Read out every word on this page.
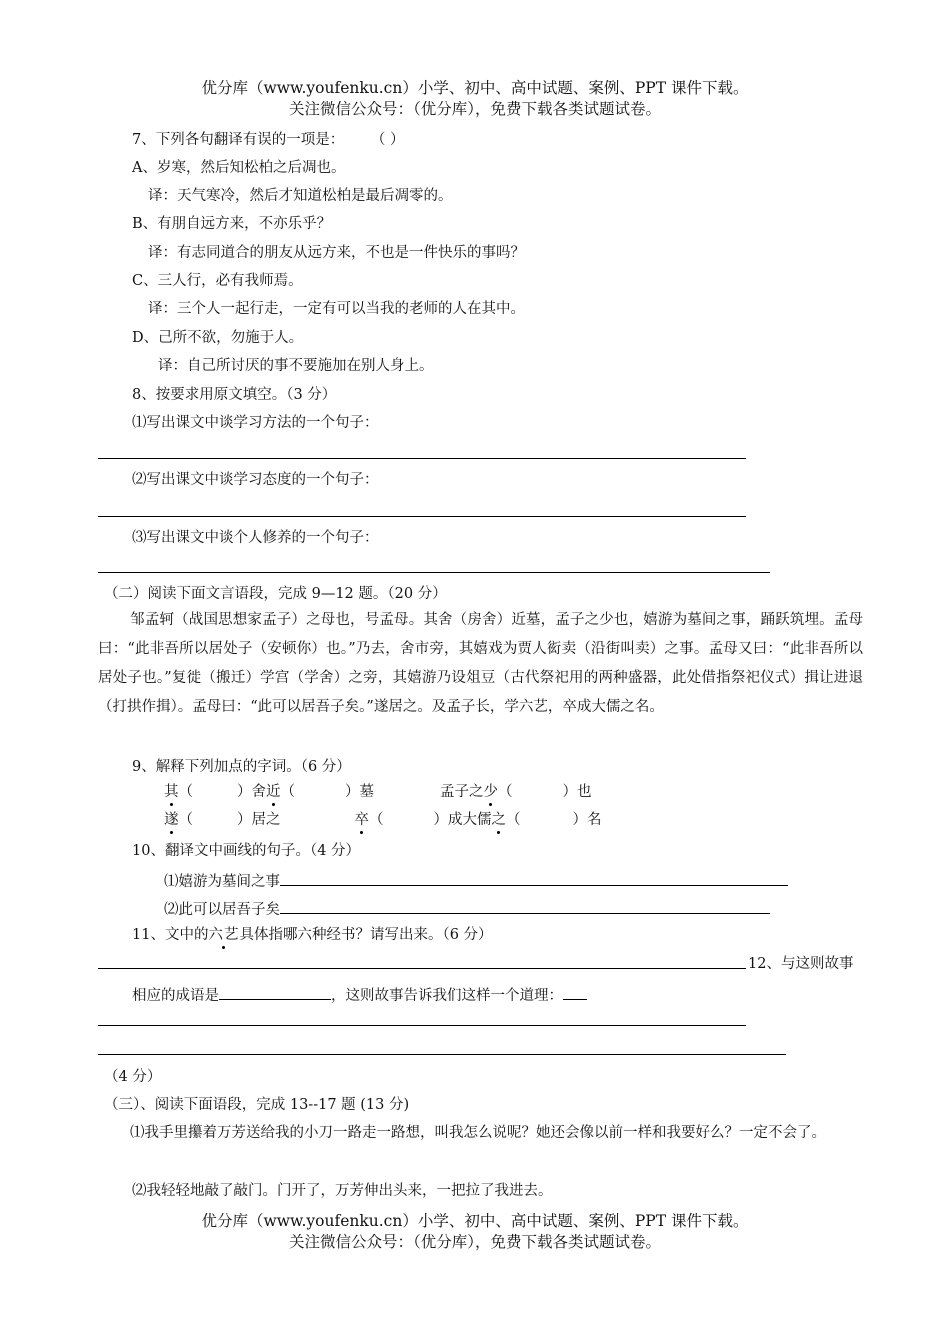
优分库（www.youfenku.cn）小学、初中、高中试题、案例、PPT 课件下载。
关注微信公众号：（优分库），免费下载各类试题试卷。
7、下列各句翻译有误的一项是： （ ）
A、岁寒，然后知松柏之后凋也。
译：天气寒冷，然后才知道松柏是最后凋零的。
B、有朋自远方来，不亦乐乎？
译：有志同道合的朋友从远方来，不也是一件快乐的事吗？
C、三人行，必有我师焉。
译：三个人一起行走，一定有可以当我的老师的人在其中。
D、己所不欲，勿施于人。
译：自己所讨厌的事不要施加在别人身上。
8、按要求用原文填空。（3 分）
⑴写出课文中谈学习方法的一个句子：
⑵写出课文中谈学习态度的一个句子：
⑶写出课文中谈个人修养的一个句子：
（二）阅读下面文言语段，完成 9—12 题。（20 分）
邹孟轲（战国思想家孟子）之母也，号孟母。其舍（房舍）近墓，孟子之少也，嬉游为墓间之事，踊跃筑埋。孟母曰：“此非吾所以居处子（安顿你）也。”乃去，舍市旁，其嬉戏为贾人衒卖（沿街叫卖）之事。孟母又曰：“此非吾所以居处子也。”复徙（搬迁）学宫（学舍）之旁，其嬉游乃设俎豆（古代祭祀用的两种盛器，此处借指祭祀仪式）揖让进退（打拱作揖）。孟母曰：“此可以居吾子矣。”遂居之。及孟子长，学六艺，卒成大儒之名。
9、解释下列加点的字词。（6 分）
其（	）舍近（	）墓	孟子之少（	）也
遂（	）居之	卒（	）成大儒之（	）名
10、翻译文中画线的句子。（4 分）
⑴嬉游为墓间之事
⑵此可以居吾子矣
11、文中的六艺具体指哪六种经书？请写出来。（6 分）
12、与这则故事
相应的成语是	，这则故事告诉我们这样一个道理：
（4 分）
（三）、阅读下面语段，完成 13--17 题 (13 分)
⑴我手里攥着万芳送给我的小刀一路走一路想，叫我怎么说呢？她还会像以前一样和我要好么？一定不会了。
⑵我轻轻地敲了敲门。门开了，万芳伸出头来，一把拉了我进去。
优分库（www.youfenku.cn）小学、初中、高中试题、案例、PPT 课件下载。
关注微信公众号：（优分库），免费下载各类试题试卷。
